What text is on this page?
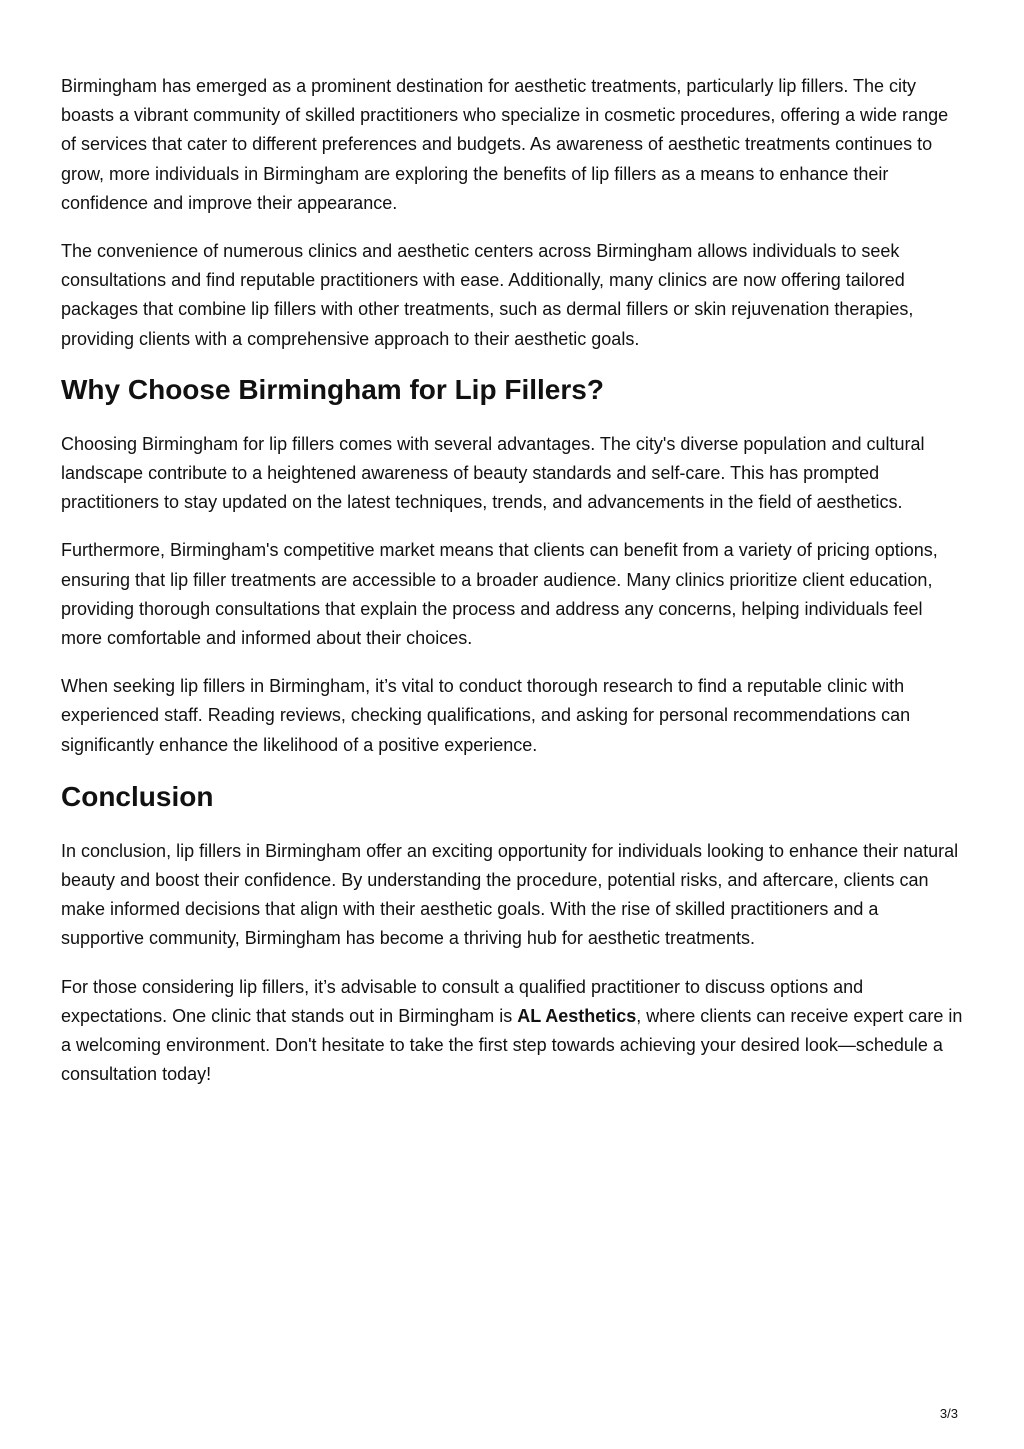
Birmingham has emerged as a prominent destination for aesthetic treatments, particularly lip fillers. The city boasts a vibrant community of skilled practitioners who specialize in cosmetic procedures, offering a wide range of services that cater to different preferences and budgets. As awareness of aesthetic treatments continues to grow, more individuals in Birmingham are exploring the benefits of lip fillers as a means to enhance their confidence and improve their appearance.

The convenience of numerous clinics and aesthetic centers across Birmingham allows individuals to seek consultations and find reputable practitioners with ease. Additionally, many clinics are now offering tailored packages that combine lip fillers with other treatments, such as dermal fillers or skin rejuvenation therapies, providing clients with a comprehensive approach to their aesthetic goals.

Why Choose Birmingham for Lip Fillers?

Choosing Birmingham for lip fillers comes with several advantages. The city's diverse population and cultural landscape contribute to a heightened awareness of beauty standards and self-care. This has prompted practitioners to stay updated on the latest techniques, trends, and advancements in the field of aesthetics.

Furthermore, Birmingham's competitive market means that clients can benefit from a variety of pricing options, ensuring that lip filler treatments are accessible to a broader audience. Many clinics prioritize client education, providing thorough consultations that explain the process and address any concerns, helping individuals feel more comfortable and informed about their choices.

When seeking lip fillers in Birmingham, it’s vital to conduct thorough research to find a reputable clinic with experienced staff. Reading reviews, checking qualifications, and asking for personal recommendations can significantly enhance the likelihood of a positive experience.

Conclusion

In conclusion, lip fillers in Birmingham offer an exciting opportunity for individuals looking to enhance their natural beauty and boost their confidence. By understanding the procedure, potential risks, and aftercare, clients can make informed decisions that align with their aesthetic goals. With the rise of skilled practitioners and a supportive community, Birmingham has become a thriving hub for aesthetic treatments.

For those considering lip fillers, it’s advisable to consult a qualified practitioner to discuss options and expectations. One clinic that stands out in Birmingham is AL Aesthetics, where clients can receive expert care in a welcoming environment. Don't hesitate to take the first step towards achieving your desired look—schedule a consultation today!

3/3
